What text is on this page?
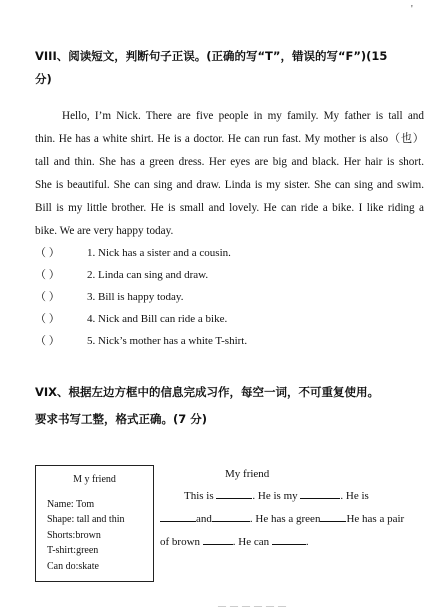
'
VIII、阅读短文，判断句子正误。(正确的写“T”，错误的写“F”)(15
分)
Hello, I’m Nick. There are five people in my family. My father is tall and
thin. He has a white shirt. He is a doctor. He can run fast. My mother is also（也）
tall and thin. She has a green dress. Her eyes are big and black. Her hair is short.
She is beautiful. She can sing and draw. Linda is my sister. She can sing and swim.
Bill is my little brother. He is small and lovely. He can ride a bike. I like riding a
bike. We are very happy today.
（ ） 1. Nick has a sister and a cousin.
（ ） 2. Linda can sing and draw.
（ ） 3. Bill is happy today.
（ ） 4. Nick and Bill can ride a bike.
（ ） 5. Nick’s mother has a white T-shirt.
VIX、根据左边方框中的信息完成习作，每空一词，不可重复使用。
要求书写工整，格式正确。(7 分)
M y friend
Name: Tom
Shape: tall and thin
Shorts:brown
T-shirt:green
Can do:skate
My friend
This is	. He is my	. He is
and	. He has a green He has a pair
of brown	. He can	.
— — — — — —
